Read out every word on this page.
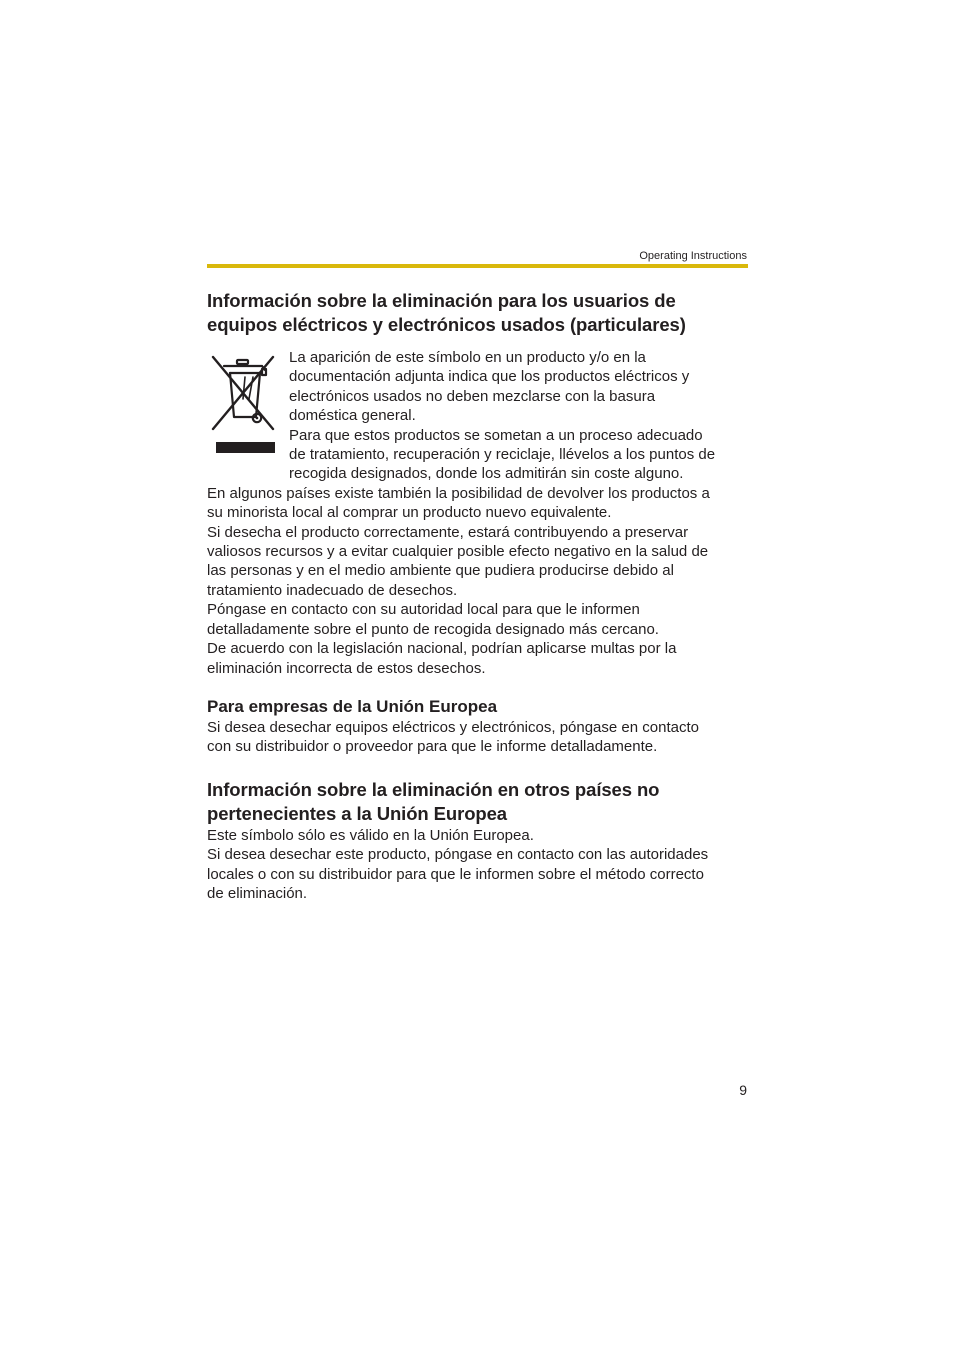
Operating Instructions
Información sobre la eliminación para los usuarios de equipos eléctricos y electrónicos usados (particulares)

La aparición de este símbolo en un producto y/o en la

documentación adjunta indica que los productos eléctricos y

electrónicos usados no deben mezclarse con la basura

doméstica general.

Para que estos productos se sometan a un proceso adecuado

de tratamiento, recuperación y reciclaje, llévelos a los puntos de

recogida designados, donde los admitirán sin coste alguno.

En algunos países existe también la posibilidad de devolver los productos a

su minorista local al comprar un producto nuevo equivalente.

Si desecha el producto correctamente, estará contribuyendo a preservar

valiosos recursos y a evitar cualquier posible efecto negativo en la salud de

las personas y en el medio ambiente que pudiera producirse debido al

tratamiento inadecuado de desechos.

Póngase en contacto con su autoridad local para que le informen

detalladamente sobre el punto de recogida designado más cercano.

De acuerdo con la legislación nacional, podrían aplicarse multas por la

eliminación incorrecta de estos desechos.

Para empresas de la Unión Europea

Si desea desechar equipos eléctricos y electrónicos, póngase en contacto

con su distribuidor o proveedor para que le informe detalladamente.

Información sobre la eliminación en otros países no
pertenecientes a la Unión Europea

Este símbolo sólo es válido en la Unión Europea.

Si desea desechar este producto, póngase en contacto con las autoridades

locales o con su distribuidor para que le informen sobre el método correcto

de eliminación.

9
